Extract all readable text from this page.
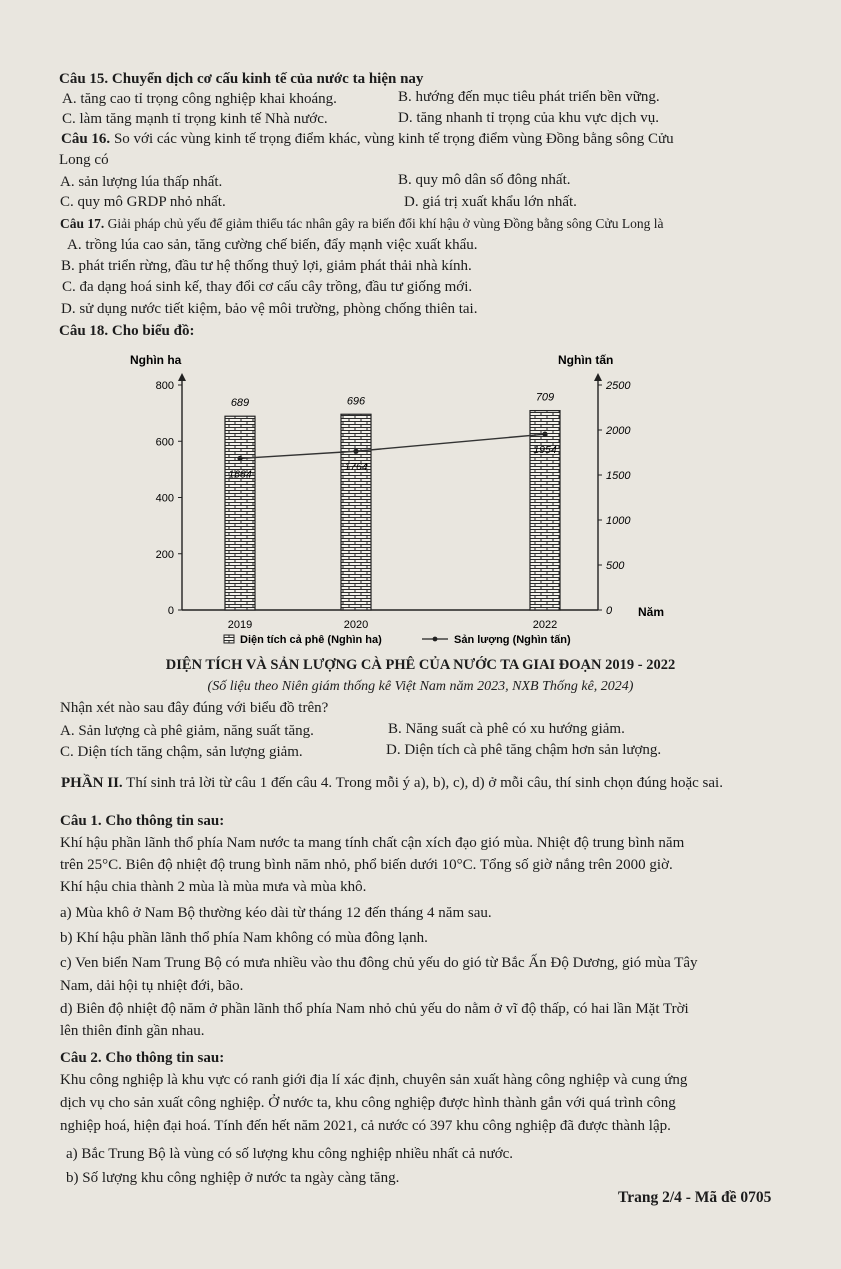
Câu 15. Chuyển dịch cơ cấu kinh tế của nước ta hiện nay
A. tăng cao tỉ trọng công nghiệp khai khoáng.	B. hướng đến mục tiêu phát triển bền vững.
C. làm tăng mạnh tỉ trọng kinh tế Nhà nước.	D. tăng nhanh tỉ trọng của khu vực dịch vụ.
Câu 16. So với các vùng kinh tế trọng điểm khác, vùng kinh tế trọng điểm vùng Đồng bằng sông Cửu
Long có
A. sản lượng lúa thấp nhất.	B. quy mô dân số đông nhất.
C. quy mô GRDP nhỏ nhất.	D. giá trị xuất khẩu lớn nhất.
Câu 17. Giải pháp chủ yếu để giảm thiểu tác nhân gây ra biến đổi khí hậu ở vùng Đồng bằng sông Cửu Long là
A. trồng lúa cao sản, tăng cường chế biến, đẩy mạnh việc xuất khẩu.
B. phát triển rừng, đầu tư hệ thống thuỷ lợi, giảm phát thải nhà kính.
C. đa dạng hoá sinh kế, thay đổi cơ cấu cây trồng, đầu tư giống mới.
D. sử dụng nước tiết kiệm, bảo vệ môi trường, phòng chống thiên tai.
Câu 18. Cho biểu đồ:
Nghìn ha	Nghìn tấn
0
200
400
600
800
0
500
1000
1500
2000
2500
689
2019
696
2020
709
2022
1684
1764
1954
Năm
Diện tích cả phê (Nghìn ha)	Sản lượng (Nghìn tấn)
DIỆN TÍCH VÀ SẢN LƯỢNG CÀ PHÊ CỦA NƯỚC TA GIAI ĐOẠN 2019 - 2022
(Số liệu theo Niên giám thống kê Việt Nam năm 2023, NXB Thống kê, 2024)
Nhận xét nào sau đây đúng với biểu đồ trên?
A. Sản lượng cà phê giảm, năng suất tăng.	B. Năng suất cà phê có xu hướng giảm.
C. Diện tích tăng chậm, sản lượng giảm.	D. Diện tích cà phê tăng chậm hơn sản lượng.
PHẦN II. Thí sinh trả lời từ câu 1 đến câu 4. Trong mỗi ý a), b), c), d) ở mỗi câu, thí sinh chọn đúng hoặc sai.
Câu 1. Cho thông tin sau:
Khí hậu phần lãnh thổ phía Nam nước ta mang tính chất cận xích đạo gió mùa. Nhiệt độ trung bình năm
trên 25°C. Biên độ nhiệt độ trung bình năm nhỏ, phổ biến dưới 10°C. Tổng số giờ nắng trên 2000 giờ.
Khí hậu chia thành 2 mùa là mùa mưa và mùa khô.
a) Mùa khô ở Nam Bộ thường kéo dài từ tháng 12 đến tháng 4 năm sau.
b) Khí hậu phần lãnh thổ phía Nam không có mùa đông lạnh.
c) Ven biển Nam Trung Bộ có mưa nhiều vào thu đông chủ yếu do gió từ Bắc Ấn Độ Dương, gió mùa Tây
Nam, dải hội tụ nhiệt đới, bão.
d) Biên độ nhiệt độ năm ở phần lãnh thổ phía Nam nhỏ chủ yếu do nằm ở vĩ độ thấp, có hai lần Mặt Trời
lên thiên đỉnh gần nhau.
Câu 2. Cho thông tin sau:
Khu công nghiệp là khu vực có ranh giới địa lí xác định, chuyên sản xuất hàng công nghiệp và cung ứng
dịch vụ cho sản xuất công nghiệp. Ở nước ta, khu công nghiệp được hình thành gắn với quá trình công
nghiệp hoá, hiện đại hoá. Tính đến hết năm 2021, cả nước có 397 khu công nghiệp đã được thành lập.
a) Bắc Trung Bộ là vùng có số lượng khu công nghiệp nhiều nhất cả nước.
b) Số lượng khu công nghiệp ở nước ta ngày càng tăng.
Trang 2/4 - Mã đề 0705
